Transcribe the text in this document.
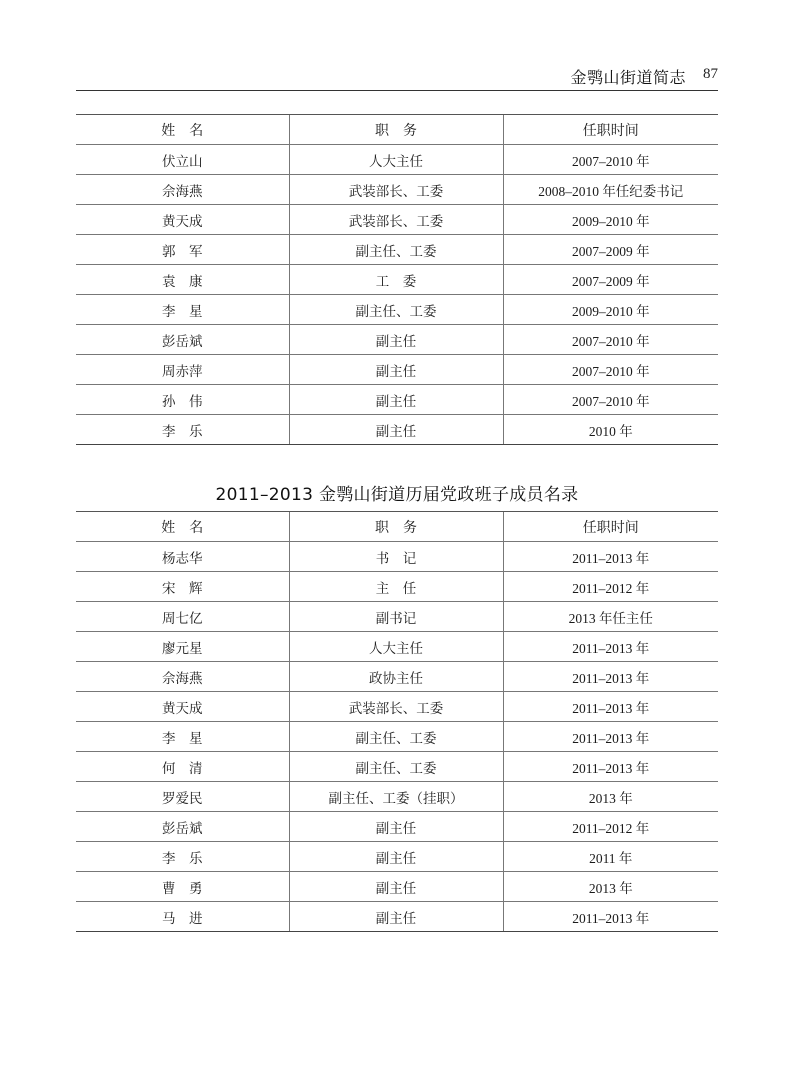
金鹗山街道简志 87
姓　名	职　务	任职时间
伏立山	人大主任	2007–2010 年
佘海燕	武装部长、工委	2008–2010 年任纪委书记
黄天成	武装部长、工委	2009–2010 年
郭　军	副主任、工委	2007–2009 年
袁　康	工　委	2007–2009 年
李　星	副主任、工委	2009–2010 年
彭岳斌	副主任	2007–2010 年
周赤萍	副主任	2007–2010 年
孙　伟	副主任	2007–2010 年
李　乐	副主任	2010 年
2011–2013 金鹗山街道历届党政班子成员名录
姓　名	职　务	任职时间
杨志华	书　记	2011–2013 年
宋　辉	主　任	2011–2012 年
周七亿	副书记	2013 年任主任
廖元星	人大主任	2011–2013 年
佘海燕	政协主任	2011–2013 年
黄天成	武装部长、工委	2011–2013 年
李　星	副主任、工委	2011–2013 年
何　清	副主任、工委	2011–2013 年
罗爱民	副主任、工委（挂职）	2013 年
彭岳斌	副主任	2011–2012 年
李　乐	副主任	2011 年
曹　勇	副主任	2013 年
马　进	副主任	2011–2013 年
